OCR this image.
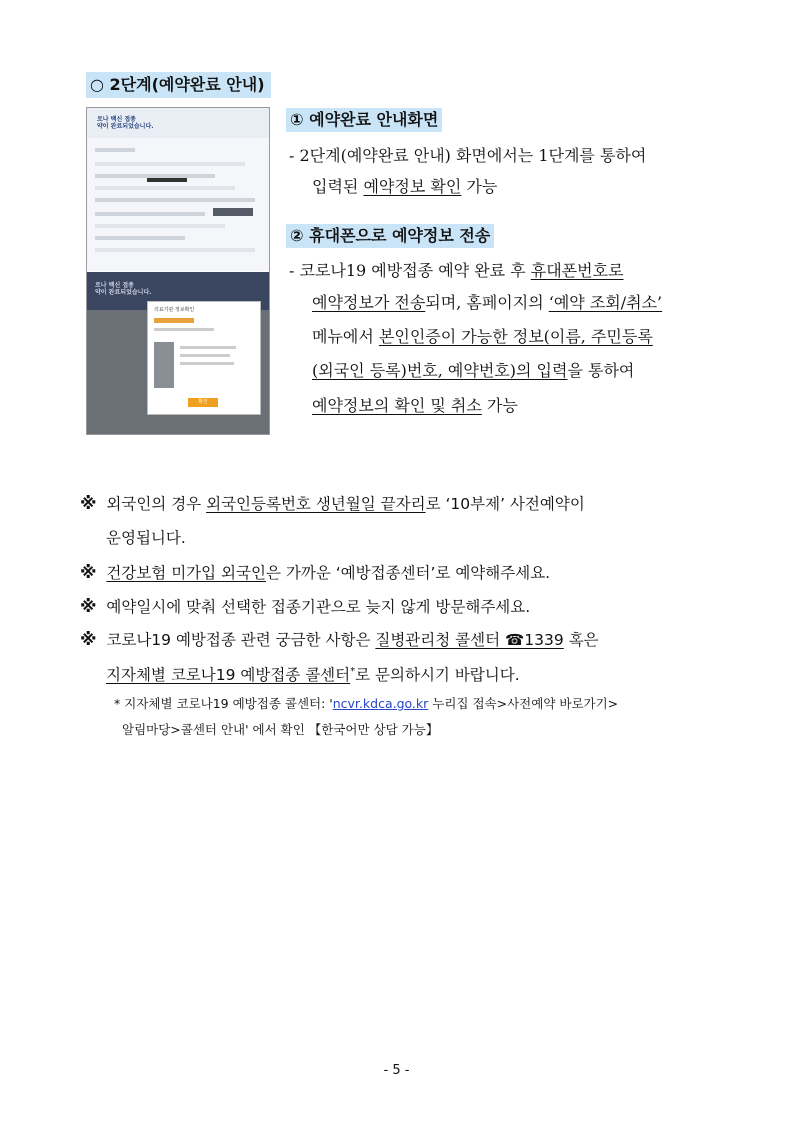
○ 2단계(예약완료 안내)
로나 백신 접종
약이 완료되었습니다.
로나 백신 접종
약이 완료되었습니다.
의료기관 정보확인
확인
① 예약완료 안내화면
- 2단계(예약완료 안내) 화면에서는 1단계를 통하여
입력된 예약정보 확인 가능
② 휴대폰으로 예약정보 전송
- 코로나19 예방접종 예약 완료 후 휴대폰번호로
예약정보가 전송되며, 홈페이지의 ‘예약 조회/취소’
메뉴에서 본인인증이 가능한 정보(이름, 주민등록
(외국인 등록)번호, 예약번호)의 입력을 통하여
예약정보의 확인 및 취소 가능
※ 외국인의 경우 외국인등록번호 생년월일 끝자리로 ‘10부제’ 사전예약이
운영됩니다.
※ 건강보험 미가입 외국인은 가까운 ‘예방접종센터’로 예약해주세요.
※ 예약일시에 맞춰 선택한 접종기관으로 늦지 않게 방문해주세요.
※ 코로나19 예방접종 관련 궁금한 사항은 질병관리청 콜센터 ☎1339 혹은
지자체별 코로나19 예방접종 콜센터*로 문의하시기 바랍니다.
* 지자체별 코로나19 예방접종 콜센터: 'ncvr.kdca.go.kr 누리집 접속>사전예약 바로가기>
알림마당>콜센터 안내' 에서 확인 【한국어만 상담 가능】
- 5 -
